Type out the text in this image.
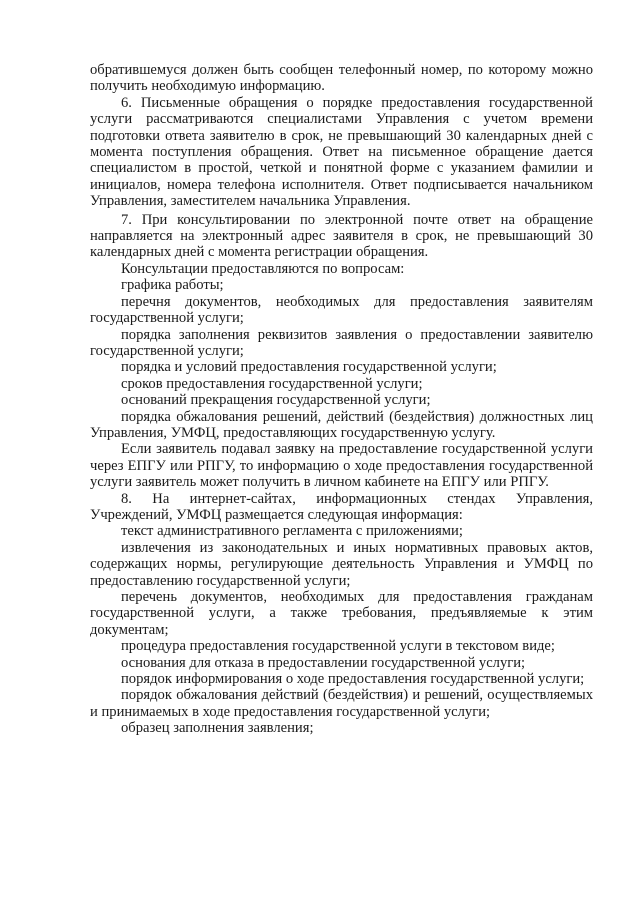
обратившемуся должен быть сообщен телефонный номер, по которому можно получить необходимую информацию.

6. Письменные обращения о порядке предоставления государственной услуги рассматриваются специалистами Управления с учетом времени подготовки ответа заявителю в срок, не превышающий 30 календарных дней с момента поступления обращения. Ответ на письменное обращение дается специалистом в простой, четкой и понятной форме с указанием фамилии и инициалов, номера телефона исполнителя. Ответ подписывается начальником Управления, заместителем начальника Управления.

7. При консультировании по электронной почте ответ на обращение направляется на электронный адрес заявителя в срок, не превышающий 30 календарных дней с момента регистрации обращения.

Консультации предоставляются по вопросам:

графика работы;

перечня документов, необходимых для предоставления заявителям государственной услуги;

порядка заполнения реквизитов заявления о предоставлении заявителю государственной услуги;

порядка и условий предоставления государственной услуги;

сроков предоставления государственной услуги;

оснований прекращения государственной услуги;

порядка обжалования решений, действий (бездействия) должностных лиц Управления, УМФЦ, предоставляющих государственную услугу.

Если заявитель подавал заявку на предоставление государственной услуги через ЕПГУ или РПГУ, то информацию о ходе предоставления государственной услуги заявитель может получить в личном кабинете на ЕПГУ или РПГУ.

8. На интернет-сайтах, информационных стендах Управления, Учреждений, УМФЦ размещается следующая информация:

текст административного регламента с приложениями;

извлечения из законодательных и иных нормативных правовых актов, содержащих нормы, регулирующие деятельность Управления и УМФЦ по предоставлению государственной услуги;

перечень документов, необходимых для предоставления гражданам государственной услуги, а также требования, предъявляемые к этим документам;

процедура предоставления государственной услуги в текстовом виде;

основания для отказа в предоставлении государственной услуги;

порядок информирования о ходе предоставления государственной услуги;

порядок обжалования действий (бездействия) и решений, осуществляемых и принимаемых в ходе предоставления государственной услуги;

образец заполнения заявления;
